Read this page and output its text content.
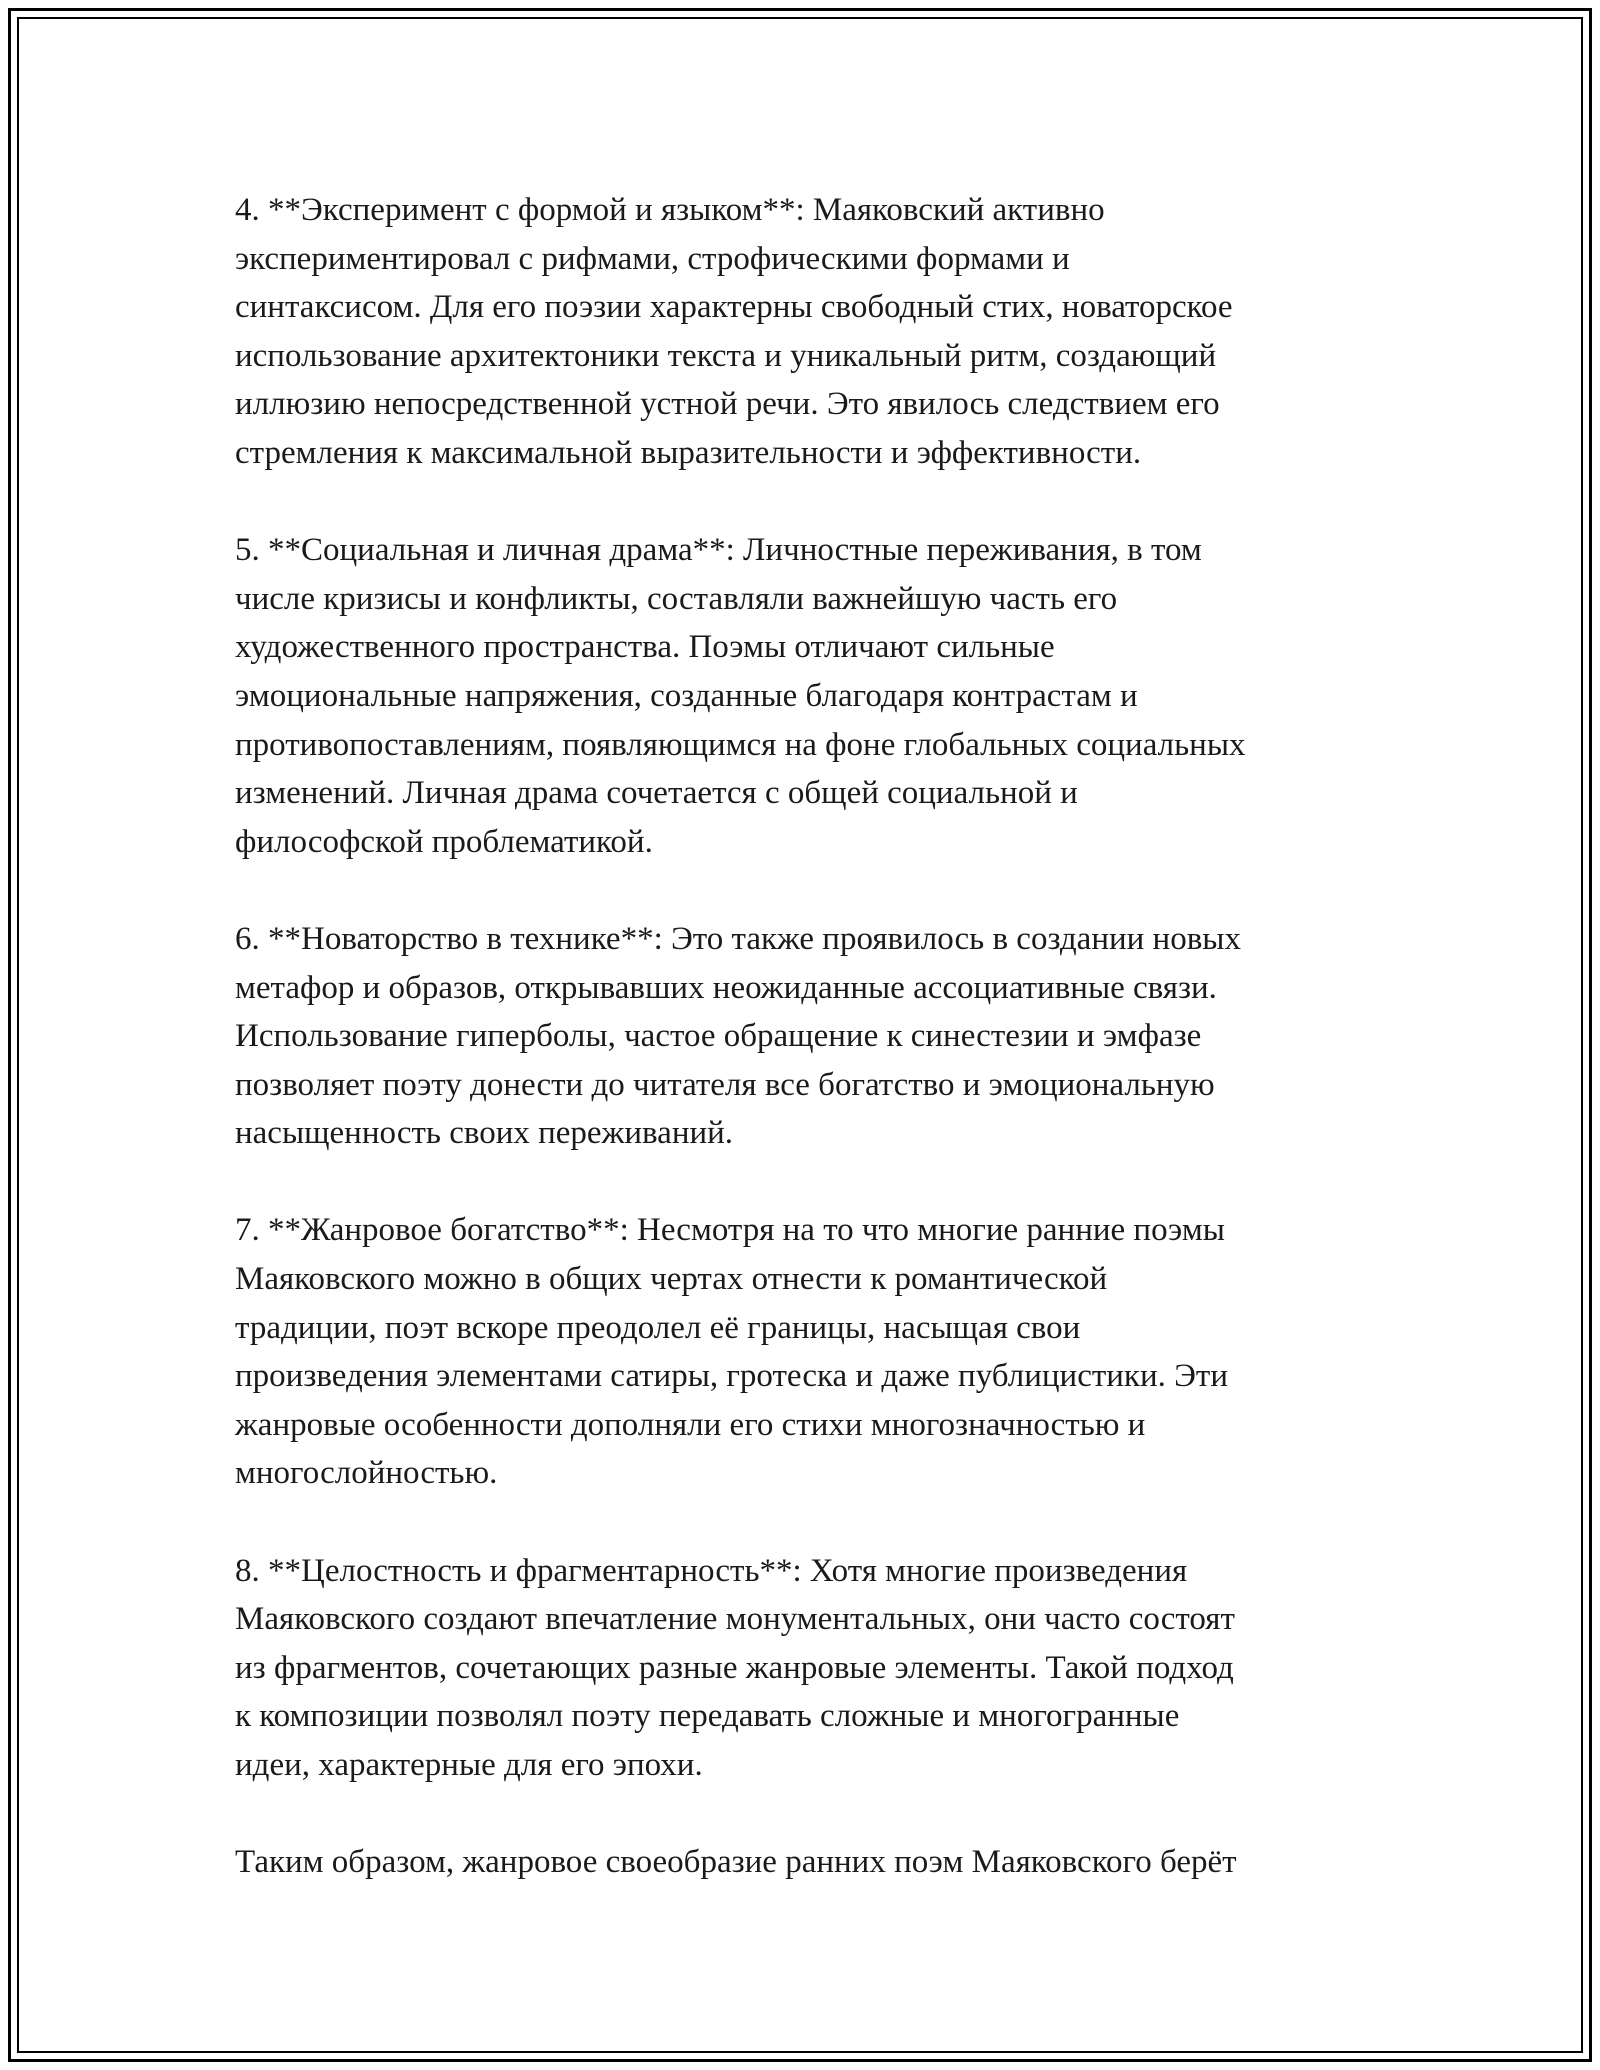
4. **Эксперимент с формой и языком**: Маяковский активно
экспериментировал с рифмами, строфическими формами и
синтаксисом. Для его поэзии характерны свободный стих, новаторское
использование архитектоники текста и уникальный ритм, создающий
иллюзию непосредственной устной речи. Это явилось следствием его
стремления к максимальной выразительности и эффективности.

5. **Социальная и личная драма**: Личностные переживания, в том
числе кризисы и конфликты, составляли важнейшую часть его
художественного пространства. Поэмы отличают сильные
эмоциональные напряжения, созданные благодаря контрастам и
противопоставлениям, появляющимся на фоне глобальных социальных
изменений. Личная драма сочетается с общей социальной и
философской проблематикой.

6. **Новаторство в технике**: Это также проявилось в создании новых
метафор и образов, открывавших неожиданные ассоциативные связи.
Использование гиперболы, частое обращение к синестезии и эмфазе
позволяет поэту донести до читателя все богатство и эмоциональную
насыщенность своих переживаний.

7. **Жанровое богатство**: Несмотря на то что многие ранние поэмы
Маяковского можно в общих чертах отнести к романтической
традиции, поэт вскоре преодолел её границы, насыщая свои
произведения элементами сатиры, гротеска и даже публицистики. Эти
жанровые особенности дополняли его стихи многозначностью и
многослойностью.

8. **Целостность и фрагментарность**: Хотя многие произведения
Маяковского создают впечатление монументальных, они часто состоят
из фрагментов, сочетающих разные жанровые элементы. Такой подход
к композиции позволял поэту передавать сложные и многогранные
идеи, характерные для его эпохи.

Таким образом, жанровое своеобразие ранних поэм Маяковского берёт
